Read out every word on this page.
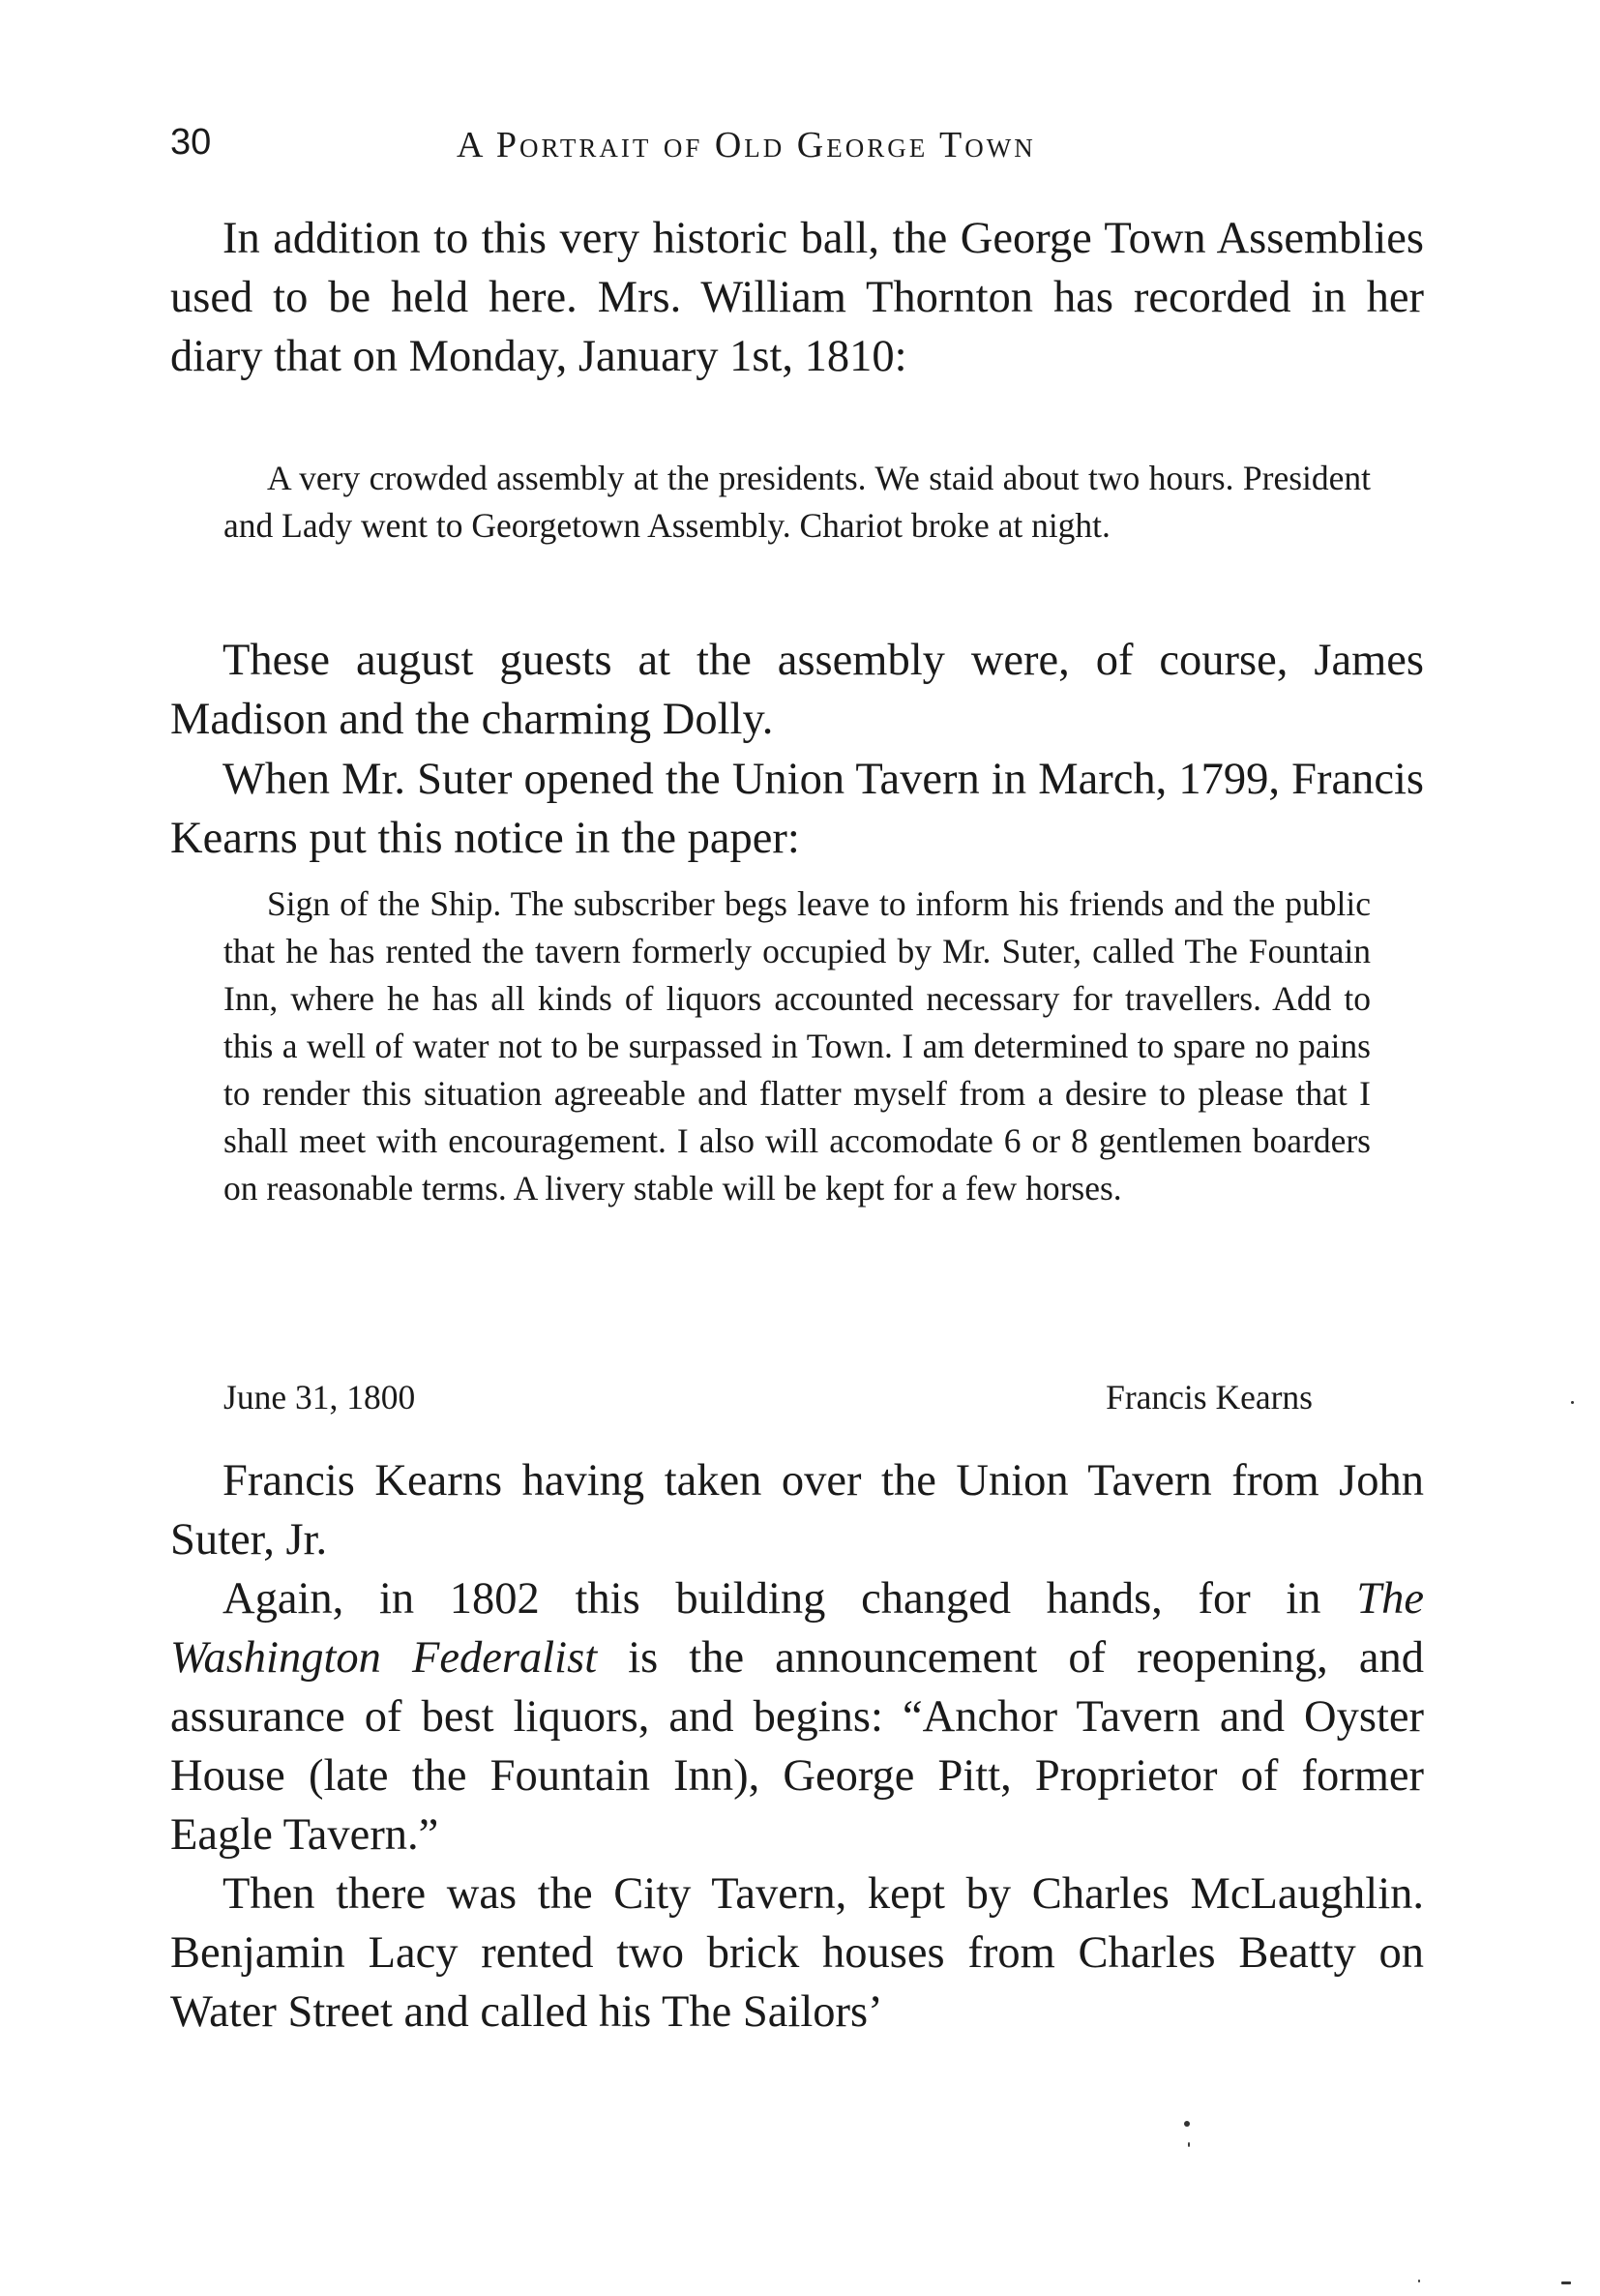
30	A Portrait of Old George Town

In addition to this very historic ball, the George Town Assemblies used to be held here. Mrs. William Thornton has recorded in her diary that on Monday, January 1st, 1810:

A very crowded assembly at the presidents. We staid about two hours. President and Lady went to Georgetown Assembly. Chariot broke at night.

These august guests at the assembly were, of course, James Madison and the charming Dolly.

When Mr. Suter opened the Union Tavern in March, 1799, Francis Kearns put this notice in the paper:

Sign of the Ship. The subscriber begs leave to inform his friends and the public that he has rented the tavern formerly occupied by Mr. Suter, called The Fountain Inn, where he has all kinds of liquors accounted necessary for travellers. Add to this a well of water not to be surpassed in Town. I am determined to spare no pains to render this situation agreeable and flatter myself from a desire to please that I shall meet with encouragement. I also will accomodate 6 or 8 gentlemen boarders on reasonable terms. A livery stable will be kept for a few horses.

June 31, 1800	Francis Kearns

Francis Kearns having taken over the Union Tavern from John Suter, Jr.

Again, in 1802 this building changed hands, for in The Washington Federalist is the announcement of reopening, and assurance of best liquors, and begins: “Anchor Tavern and Oyster House (late the Fountain Inn), George Pitt, Proprietor of former Eagle Tavern.”

Then there was the City Tavern, kept by Charles McLaughlin. Benjamin Lacy rented two brick houses from Charles Beatty on Water Street and called his The Sailors’
